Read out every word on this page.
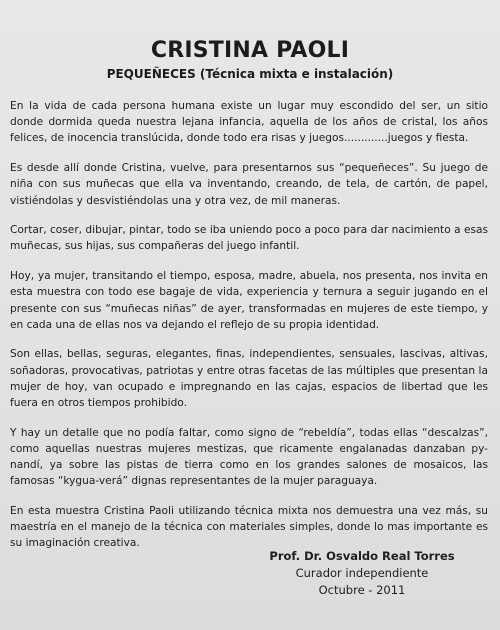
CRISTINA PAOLI
PEQUEÑECES (Técnica mixta e instalación)

En la vida de cada persona humana existe un lugar muy escondido del ser, un sitio donde dormida queda nuestra lejana infancia, aquella de los años de cristal, los años felices, de inocencia translúcida, donde todo era risas y juegos.............juegos y fiesta.

Es desde allí donde Cristina, vuelve, para presentarnos sus “pequeñeces”. Su juego de niña con sus muñecas que ella va inventando, creando, de tela, de cartón, de papel, vistiéndolas y desvistiéndolas una y otra vez, de mil maneras.

Cortar, coser, dibujar, pintar, todo se iba uniendo poco a poco para dar nacimiento a esas muñecas, sus hijas, sus compañeras del juego infantil.

Hoy, ya mujer, transitando el tiempo, esposa, madre, abuela, nos presenta, nos invita en esta muestra con todo ese bagaje de vida, experiencia y ternura a seguir jugando en el presente con sus “muñecas niñas” de ayer, transformadas en mujeres de este tiempo, y en cada una de ellas nos va dejando el reflejo de su propia identidad.

Son ellas, bellas, seguras, elegantes, finas, independientes, sensuales, lascivas, altivas, soñadoras, provocativas, patriotas y entre otras facetas de las múltiples que presentan la mujer de hoy, van ocupado e impregnando en las cajas, espacios de libertad que les fuera en otros tiempos prohibido.

Y hay un detalle que no podía faltar, como signo de “rebeldía”, todas ellas “descalzas”, como aquellas nuestras mujeres mestizas, que ricamente engalanadas danzaban py-nandí, ya sobre las pistas de tierra como en los grandes salones de mosaicos, las famosas “kygua-verá” dignas representantes de la mujer paraguaya.

En esta muestra Cristina Paoli utilizando técnica mixta nos demuestra una vez más, su maestría en el manejo de la técnica con materiales simples, donde lo mas importante es su imaginación creativa.

Prof. Dr. Osvaldo Real Torres
Curador independiente
Octubre - 2011
